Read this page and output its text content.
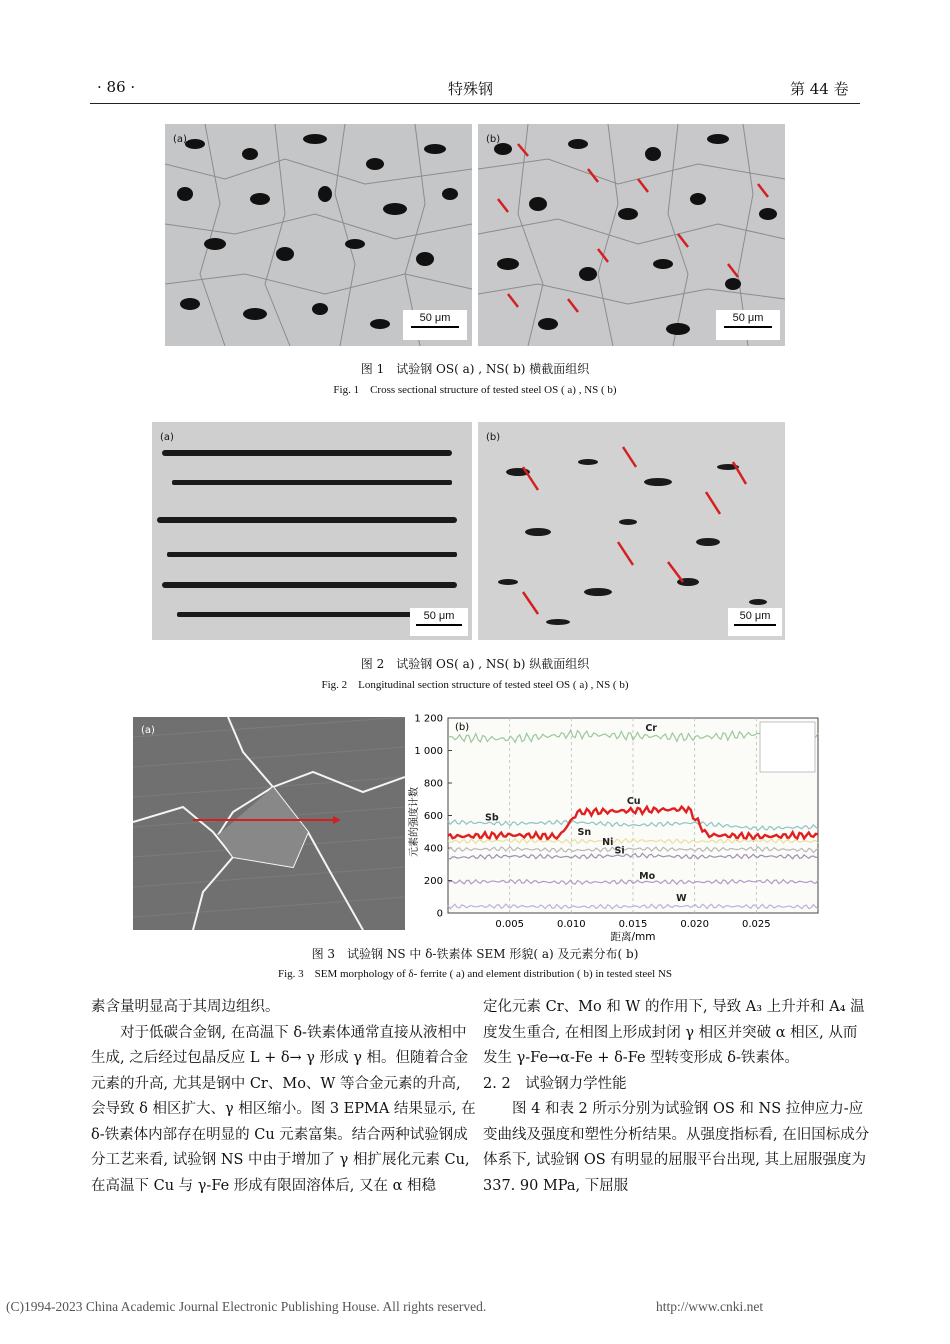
· 86 ·	特殊钢	第 44 卷
(a)
50 μm
(b)
50 μm
图 1　试验钢 OS( a) , NS( b) 横截面组织
Fig. 1　Cross sectional structure of tested steel OS ( a) , NS ( b)
(a)
50 μm
(b)
50 μm
图 2　试验钢 OS( a) , NS( b) 纵截面组织
Fig. 2　Longitudinal section structure of tested steel OS ( a) , NS ( b)
(a)
0
200
400
600
800
1 000
1 200
0.005	0.010	0.015	0.020	0.025
Cr
Sb
Cu
Sn
Ni
Si
Mo
W
(b)
元素的强度计数
距离/mm
图 3　试验钢 NS 中 δ-铁素体 SEM 形貌( a) 及元素分布( b)
Fig. 3　SEM morphology of δ- ferrite ( a) and element distribution ( b) in tested steel NS

素含量明显高于其周边组织。

　　对于低碳合金钢, 在高温下 δ-铁素体通常直接从液相中生成, 之后经过包晶反应 L + δ→ γ 形成 γ 相。但随着合金元素的升高, 尤其是钢中 Cr、Mo、W 等合金元素的升高, 会导致 δ 相区扩大、γ 相区缩小。图 3 EPMA 结果显示, 在 δ-铁素体内部存在明显的 Cu 元素富集。结合两种试验钢成分工艺来看, 试验钢 NS 中由于增加了 γ 相扩展化元素 Cu, 在高温下 Cu 与 γ-Fe 形成有限固溶体后, 又在 α 相稳

定化元素 Cr、Mo 和 W 的作用下, 导致 A₃ 上升并和 A₄ 温度发生重合, 在相图上形成封闭 γ 相区并突破 α 相区, 从而发生 γ-Fe→α-Fe + δ-Fe 型转变形成 δ-铁素体。

2. 2　试验钢力学性能

　　图 4 和表 2 所示分别为试验钢 OS 和 NS 拉伸应力-应变曲线及强度和塑性分析结果。从强度指标看, 在旧国标成分体系下, 试验钢 OS 有明显的屈服平台出现, 其上屈服强度为 337. 90 MPa, 下屈服

(C)1994-2023 China Academic Journal Electronic Publishing House. All rights reserved.	http://www.cnki.net
